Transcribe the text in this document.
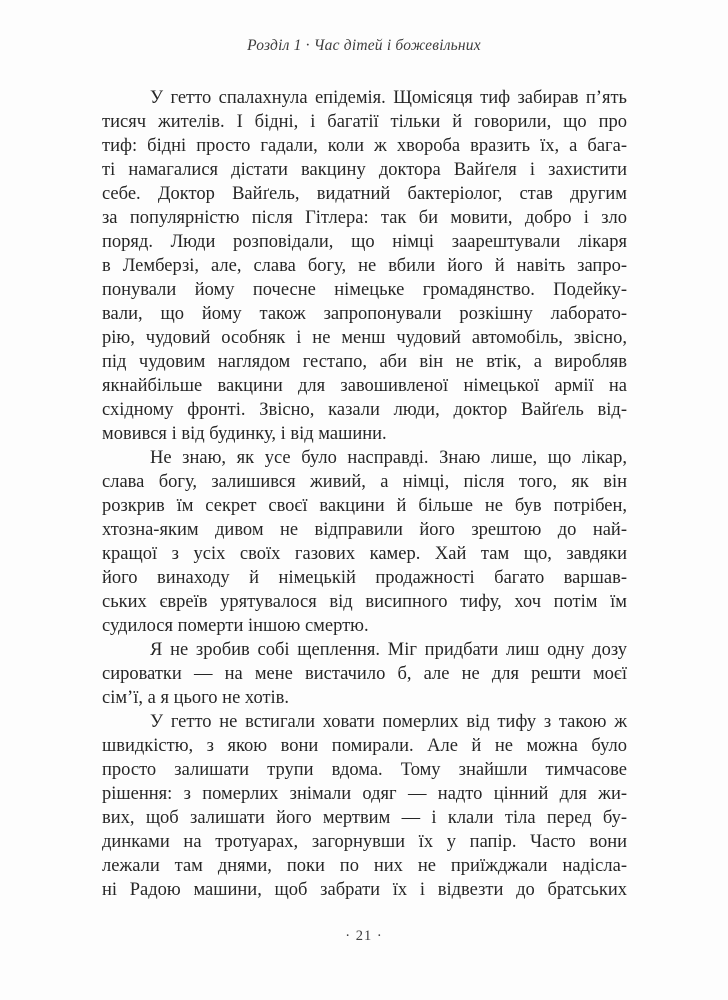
Розділ 1 · Час дітей і божевільних
У гетто спалахнула епідемія. Щомісяця тиф забирав п’ять
тисяч жителів. І бідні, і багатії тільки й говорили, що про
тиф: бідні просто гадали, коли ж хвороба вразить їх, а бага-
ті намагалися дістати вакцину доктора Вайґеля і захистити
себе. Доктор Вайґель, видатний бактеріолог, став другим
за популярністю після Гітлера: так би мовити, добро і зло
поряд. Люди розповідали, що німці заарештували лікаря
в Лемберзі, але, слава богу, не вбили його й навіть запро-
понували йому почесне німецьке громадянство. Подейку-
вали, що йому також запропонували розкішну лаборато-
рію, чудовий особняк і не менш чудовий автомобіль, звісно,
під чудовим наглядом гестапо, аби він не втік, а виробляв
якнайбільше вакцини для завошивленої німецької армії на
східному фронті. Звісно, казали люди, доктор Вайґель від-
мовився і від будинку, і від машини.
Не знаю, як усе було насправді. Знаю лише, що лікар,
слава богу, залишився живий, а німці, після того, як він
розкрив їм секрет своєї вакцини й більше не був потрібен,
хтозна-яким дивом не відправили його зрештою до най-
кращої з усіх своїх газових камер. Хай там що, завдяки
його винаходу й німецькій продажності багато варшав-
ських євреїв урятувалося від висипного тифу, хоч потім їм
судилося померти іншою смертю.
Я не зробив собі щеплення. Міг придбати лиш одну дозу
сироватки — на мене вистачило б, але не для решти моєї
сім’ї, а я цього не хотів.
У гетто не встигали ховати померлих від тифу з такою ж
швидкістю, з якою вони помирали. Але й не можна було
просто залишати трупи вдома. Тому знайшли тимчасове
рішення: з померлих знімали одяг — надто цінний для жи-
вих, щоб залишати його мертвим — і клали тіла перед бу-
динками на тротуарах, загорнувши їх у папір. Часто вони
лежали там днями, поки по них не приїжджали надісла-
ні Радою машини, щоб забрати їх і відвезти до братських
· 21 ·
